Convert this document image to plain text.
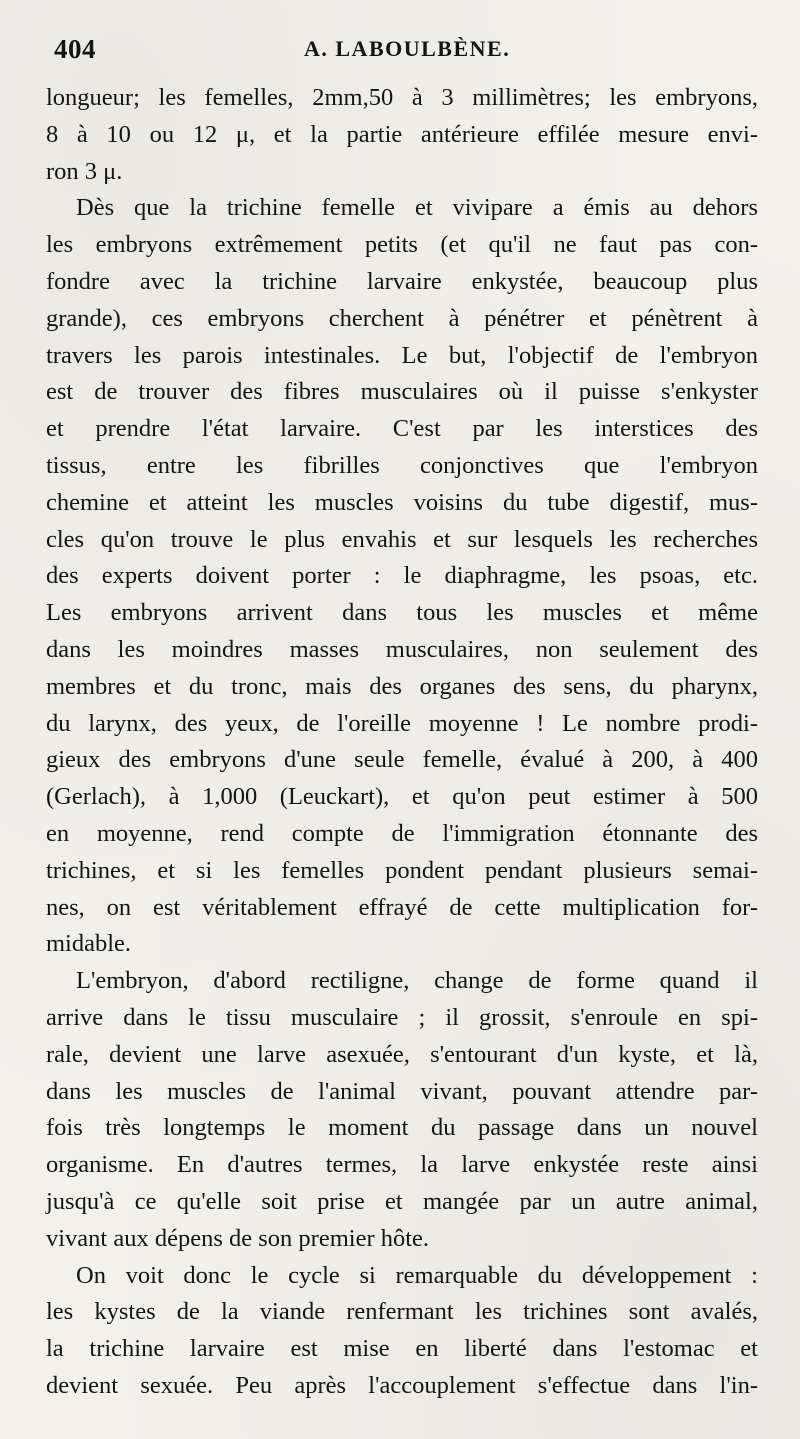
404	A. LABOULBÈNE.
longueur; les femelles, 2mm,50 à 3 millimètres; les embryons,
8 à 10 ou 12 μ, et la partie antérieure effilée mesure envi-
ron 3 μ.
Dès que la trichine femelle et vivipare a émis au dehors
les embryons extrêmement petits (et qu'il ne faut pas con-
fondre avec la trichine larvaire enkystée, beaucoup plus
grande), ces embryons cherchent à pénétrer et pénètrent à
travers les parois intestinales. Le but, l'objectif de l'embryon
est de trouver des fibres musculaires où il puisse s'enkyster
et prendre l'état larvaire. C'est par les interstices des
tissus, entre les fibrilles conjonctives que l'embryon
chemine et atteint les muscles voisins du tube digestif, mus-
cles qu'on trouve le plus envahis et sur lesquels les recherches
des experts doivent porter : le diaphragme, les psoas, etc.
Les embryons arrivent dans tous les muscles et même
dans les moindres masses musculaires, non seulement des
membres et du tronc, mais des organes des sens, du pharynx,
du larynx, des yeux, de l'oreille moyenne ! Le nombre prodi-
gieux des embryons d'une seule femelle, évalué à 200, à 400
(Gerlach), à 1,000 (Leuckart), et qu'on peut estimer à 500
en moyenne, rend compte de l'immigration étonnante des
trichines, et si les femelles pondent pendant plusieurs semai-
nes, on est véritablement effrayé de cette multiplication for-
midable.
L'embryon, d'abord rectiligne, change de forme quand il
arrive dans le tissu musculaire ; il grossit, s'enroule en spi-
rale, devient une larve asexuée, s'entourant d'un kyste, et là,
dans les muscles de l'animal vivant, pouvant attendre par-
fois très longtemps le moment du passage dans un nouvel
organisme. En d'autres termes, la larve enkystée reste ainsi
jusqu'à ce qu'elle soit prise et mangée par un autre animal,
vivant aux dépens de son premier hôte.
On voit donc le cycle si remarquable du développement :
les kystes de la viande renfermant les trichines sont avalés,
la trichine larvaire est mise en liberté dans l'estomac et
devient sexuée. Peu après l'accouplement s'effectue dans l'in-
